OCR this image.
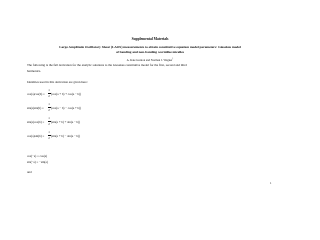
Supplemental Materials
Large Amplitude Oscillatory Shear (LAOS) measurements to obtain constitutive equation model parameters: Giesekus model
of banding and non-banding wormlike micelles
A. Kate Gurnon and Norman J. Wagner$^1$
The following is the full derivation for the analytic solutions to the Giesekus constitutive model for the first, second and third
harmonics.
Identities used in this derivation are given here:
cos(a)cos(b) =
1
2 (cos(a + b) + cos(a − b))
sin(a)sin(b) =
1
2 (cos(a − b) − cos(a + b))
sin(a)cos(b) =
1
2 (sin(a + b) + sin(a − b))
cos(a)sin(b) =
1
2 (sin(a + b) − sin(a − b))
cos(−a) = cos(a)
sin(−a) = −sin(a)
and
1
